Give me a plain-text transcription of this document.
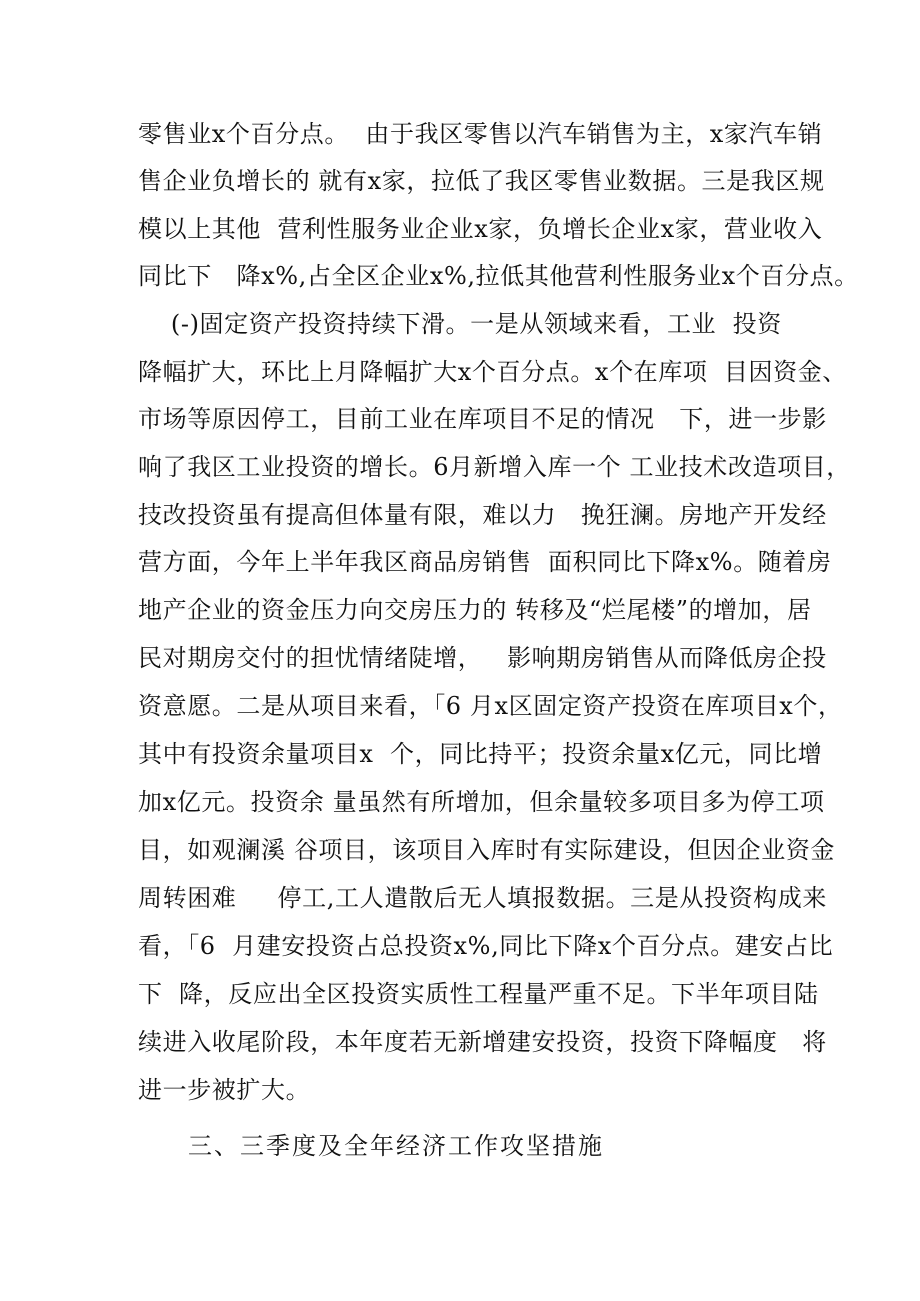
零售业x个百分点。  由于我区零售以汽车销售为主，x家汽车销
售企业负增长的 就有x家，拉低了我区零售业数据。三是我区规
模以上其他  营利性服务业企业x家，负增长企业x家，营业收入
同比下   降x%,占全区企业x%,拉低其他营利性服务业x个百分点。
(-)固定资产投资持续下滑。一是从领域来看，工业  投资
降幅扩大，环比上月降幅扩大x个百分点。x个在库项  目因资金、
市场等原因停工，目前工业在库项目不足的情况   下，进一步影
响了我区工业投资的增长。6月新增入库一个 工业技术改造项目，
技改投资虽有提高但体量有限，难以力   挽狂澜。房地产开发经
营方面，今年上半年我区商品房销售  面积同比下降x%。随着房
地产企业的资金压力向交房压力的 转移及“烂尾楼”的增加，居
民对期房交付的担忧情绪陡增，   影响期房销售从而降低房企投
资意愿。二是从项目来看，「6 月x区固定资产投资在库项目x个，
其中有投资余量项目x  个，同比持平；投资余量x亿元，同比增
加x亿元。投资余 量虽然有所增加，但余量较多项目多为停工项
目，如观澜溪 谷项目，该项目入库时有实际建设，但因企业资金
周转困难     停工,工人遣散后无人填报数据。三是从投资构成来
看，「6  月建安投资占总投资x%,同比下降x个百分点。建安占比
下  降，反应出全区投资实质性工程量严重不足。下半年项目陆
续进入收尾阶段，本年度若无新增建安投资，投资下降幅度   将
进一步被扩大。
三、三季度及全年经济工作攻坚措施
